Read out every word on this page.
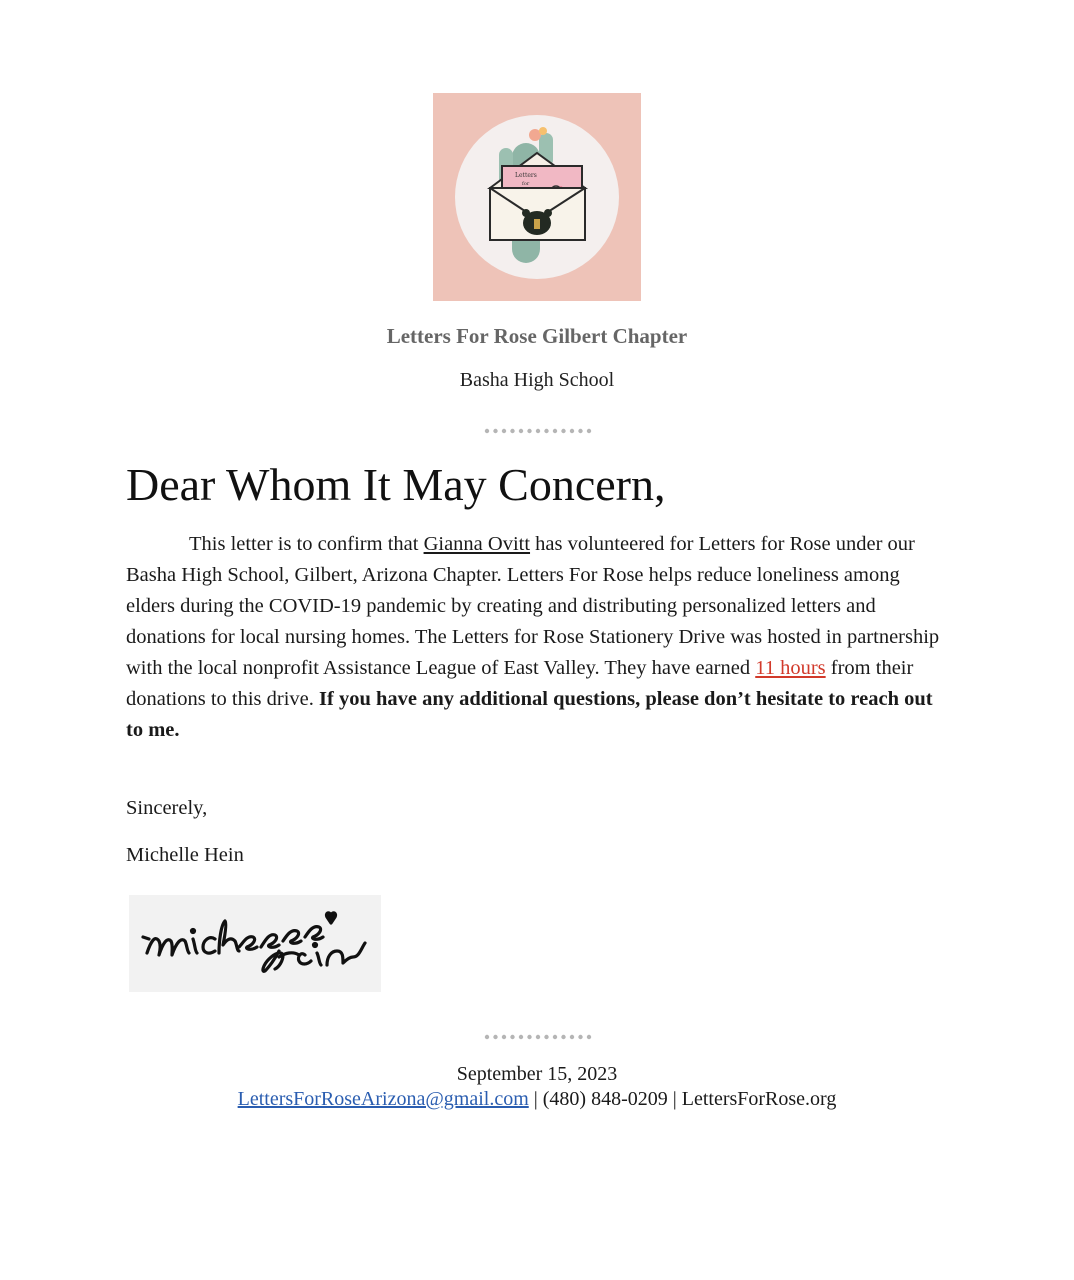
Letters
for
Letters For Rose Gilbert Chapter
Basha High School
Dear Whom It May Concern,
This letter is to confirm that Gianna Ovitt has volunteered for Letters for Rose under our Basha High School, Gilbert, Arizona Chapter. Letters For Rose helps reduce loneliness among elders during the COVID-19 pandemic by creating and distributing personalized letters and donations for local nursing homes. The Letters for Rose Stationery Drive was hosted in partnership with the local nonprofit Assistance League of East Valley. They have earned 11 hours from their donations to this drive. If you have any additional questions, please don’t hesitate to reach out to me.
Sincerely,
Michelle Hein
September 15, 2023
LettersForRoseArizona@gmail.com | (480) 848-0209 | LettersForRose.org
